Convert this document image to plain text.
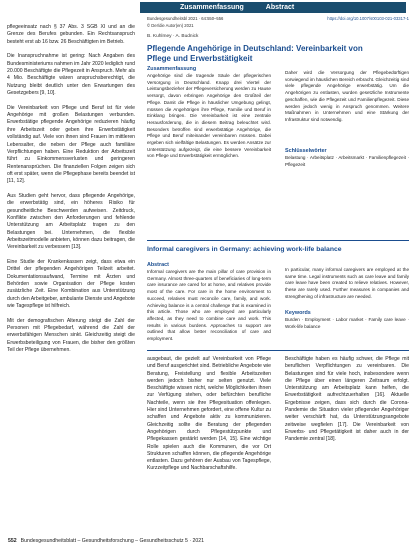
pflegeeinsatz nach § 37 Abs. 3 SGB XI und an die Grenze des Berufes gebunden. Ein Rechtsanspruch besteht erst ab 16 bzw. 26 Beschäftigten im Betrieb.

Die Inanspruchnahme ist gering: Nach Angaben des Bundesministeriums nahmen im Jahr 2020 lediglich rund 20.000 Beschäftigte die Pflegezeit in Anspruch. Mehr als 4 Mio. Beschäftigte wären anspruchsberechtigt, die Nutzung bleibt deutlich unter den Erwartungen des Gesetzgebers [9, 10].

Die Vereinbarkeit von Pflege und Beruf ist für viele Angehörige mit großen Belastungen verbunden. Erwerbstätige pflegende Angehörige reduzieren häufig ihre Arbeitszeit oder geben ihre Erwerbstätigkeit vollständig auf. Viele von ihnen sind Frauen im mittleren Lebensalter, die neben der Pflege auch familiäre Verpflichtungen haben. Eine Reduktion der Arbeitszeit führt zu Einkommensverlusten und geringeren Rentenansprüchen. Die finanziellen Folgen zeigen sich oft erst später, wenn die Pflegephase bereits beendet ist [11, 12].

Aus Studien geht hervor, dass pflegende Angehörige, die erwerbstätig sind, ein höheres Risiko für gesundheitliche Beschwerden aufweisen. Zeitdruck, Konflikte zwischen den Anforderungen und fehlende Unterstützung am Arbeitsplatz tragen zu den Belastungen bei. Unternehmen, die flexible Arbeitszeitmodelle anbieten, können dazu beitragen, die Vereinbarkeit zu verbessern [13].

Eine Studie der Krankenkassen zeigt, dass etwa ein Drittel der pflegenden Angehörigen Teilzeit arbeitet. Dokumentationsaufwand, Termine mit Ärzten und Behörden sowie Organisation der Pflege kosten zusätzliche Zeit. Eine Kombination aus Unterstützung durch den Arbeitgeber, ambulante Dienste und Angebote wie Tagespflege ist hilfreich.

Mit der demografischen Alterung steigt die Zahl der Personen mit Pflegebedarf, während die Zahl der erwerbsfähigen Menschen sinkt. Gleichzeitig steigt die Erwerbsbeteiligung von Frauen, die bisher den größten Teil der Pflege übernehmen.

Zusammenfassung	Abstract
Bundesgesundheitsbl 2021 · 64:550–556	https://doi.org/10.1007/s00103-021-03317-1
© Der/die Autor(en) 2021
B. Kuhlmey · A. Budnick
Pflegende Angehörige in Deutschland: Vereinbarkeit von Pflege und Erwerbstätigkeit
Zusammenfassung
Angehörige sind die tragende Säule der pflegerischen Versorgung in Deutschland. Knapp drei Viertel der Leistungsbezieher der Pflegeversicherung werden zu Hause versorgt, davon erbringen Angehörige den Großteil der Pflege. Damit die Pflege in häuslicher Umgebung gelingt, müssen die Angehörigen ihre Pflege, Familie und Beruf in Einklang bringen. Die Vereinbarkeit ist eine zentrale Herausforderung, die in diesem Beitrag beleuchtet wird. Besonders betroffen sind erwerbstätige Angehörige, die Pflege und Beruf miteinander vereinbaren müssen. Dabei ergeben sich vielfältige Belastungen. Es werden Ansätze zur Unterstützung aufgezeigt, die eine bessere Vereinbarkeit von Pflege und Erwerbstätigkeit ermöglichen.
Daher wird die Versorgung der Pflegebedürftigen vorwiegend im häuslichen Bereich erbracht. Gleichzeitig sind viele pflegende Angehörige erwerbstätig. Um die Angehörigen zu entlasten, wurden gesetzliche Instrumente geschaffen, wie die Pflegezeit und Familienpflegezeit. Diese werden jedoch wenig in Anspruch genommen. Weitere Maßnahmen in Unternehmen und eine Stärkung der Infrastruktur sind notwendig.
Schlüsselwörter
Belastung · Arbeitsplatz · Arbeitsmarkt · Familienpflegezeit · Pflegezeit
Informal caregivers in Germany: achieving work-life balance
Abstract
Informal caregivers are the main pillar of care provision in Germany. Almost three-quarters of beneficiaries of long-term care insurance are cared for at home, and relatives provide most of the care. For care in the home environment to succeed, relatives must reconcile care, family, and work. Achieving balance is a central challenge that is examined in this article. Those who are employed are particularly affected, as they need to combine care and work. This results in various burdens. Approaches to support are outlined that allow better reconciliation of care and employment.
In particular, many informal caregivers are employed at the same time. Legal instruments such as care leave and family care leave have been created to relieve relatives. However, these are rarely used. Further measures in companies and strengthening of infrastructure are needed.
Keywords
Burden · Employment · Labor market · Family care leave · Work-life balance
ausgebaut, die gezielt auf Vereinbarkeit von Pflege und Beruf ausgerichtet sind. Betriebliche Angebote wie Beratung, Freistellung und flexible Arbeitszeiten werden jedoch bisher nur selten genutzt. Viele Beschäftigte wissen nicht, welche Möglichkeiten ihnen zur Verfügung stehen, oder befürchten berufliche Nachteile, wenn sie ihre Pflegesituation offenlegen. Hier sind Unternehmen gefordert, eine offene Kultur zu schaffen und Angebote aktiv zu kommunizieren. Gleichzeitig sollte die Beratung der pflegenden Angehörigen durch Pflegestützpunkte und Pflegekassen gestärkt werden [14, 15]. Eine wichtige Rolle spielen auch die Kommunen, die vor Ort Strukturen schaffen können, die pflegende Angehörige entlasten. Dazu gehören der Ausbau von Tagespflege, Kurzzeitpflege und Nachbarschaftshilfe.
Beschäftigte haben es häufig schwer, die Pflege mit beruflichen Verpflichtungen zu vereinbaren. Die Belastungen sind für viele hoch, insbesondere wenn die Pflege über einen längeren Zeitraum erfolgt. Unterstützung am Arbeitsplatz kann helfen, die Erwerbstätigkeit aufrechtzuerhalten [16]. Aktuelle Ergebnisse zeigen, dass sich durch die Corona-Pandemie die Situation vieler pflegender Angehöriger weiter verschärft hat, da Unterstützungsangebote zeitweise wegfielen [17]. Die Vereinbarkeit von Erwerbs- und Pflegetätigkeit ist daher auch in der Pandemie zentral [18].
552 Bundesgesundheitsblatt – Gesundheitsforschung – Gesundheitsschutz 5 · 2021
